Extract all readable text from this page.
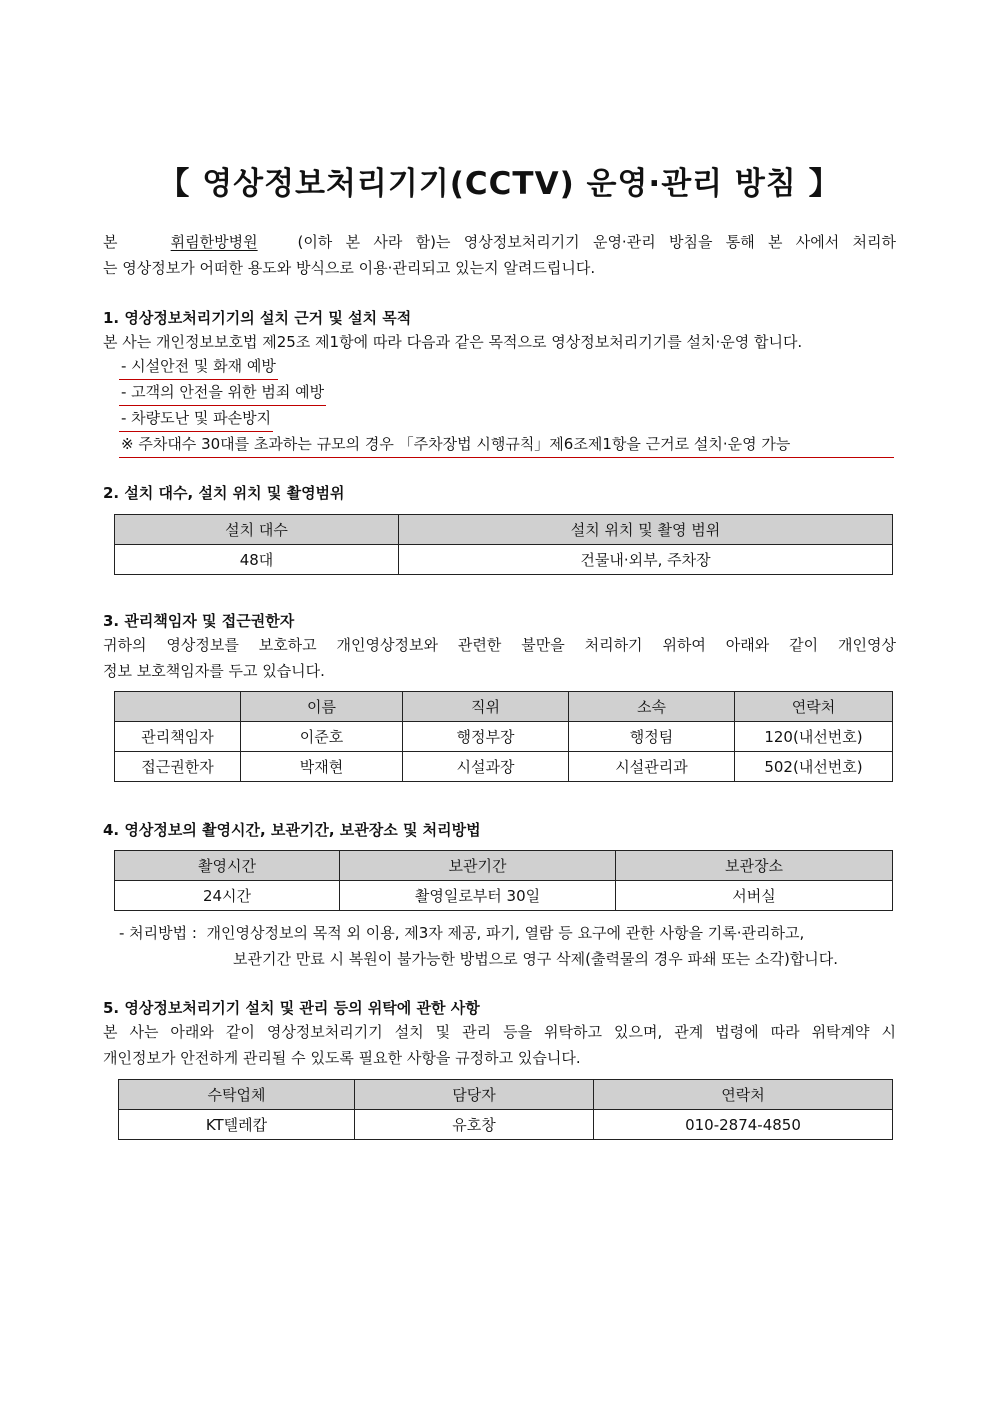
【 영상정보처리기기(CCTV) 운영·관리 방침 】
본	휘림한방병원	(이하 본 사라 함)는 영상정보처리기기 운영·관리 방침을 통해 본 사에서 처리하
는 영상정보가 어떠한 용도와 방식으로 이용·관리되고 있는지 알려드립니다.
1. 영상정보처리기기의 설치 근거 및 설치 목적
본 사는 개인정보보호법 제25조 제1항에 따라 다음과 같은 목적으로 영상정보처리기기를 설치·운영 합니다.
- 시설안전 및 화재 예방
- 고객의 안전을 위한 범죄 예방
- 차량도난 및 파손방지
※ 주차대수 30대를 초과하는 규모의 경우 「주차장법 시행규칙」제6조제1항을 근거로 설치·운영 가능
2. 설치 대수, 설치 위치 및 촬영범위
설치 대수	설치 위치 및 촬영 범위
48대	건물내·외부, 주차장
3. 관리책임자 및 접근권한자
귀하의 영상정보를 보호하고 개인영상정보와 관련한 불만을 처리하기 위하여 아래와 같이 개인영상
정보 보호책임자를 두고 있습니다.
	이름	직위	소속	연락처
관리책임자	이준호	행정부장	행정팀	120(내선번호)
접근권한자	박재현	시설과장	시설관리과	502(내선번호)
4. 영상정보의 촬영시간, 보관기간, 보관장소 및 처리방법
촬영시간	보관기간	보관장소
24시간	촬영일로부터 30일	서버실
- 처리방법 : 개인영상정보의 목적 외 이용, 제3자 제공, 파기, 열람 등 요구에 관한 사항을 기록·관리하고,
보관기간 만료 시 복원이 불가능한 방법으로 영구 삭제(출력물의 경우 파쇄 또는 소각)합니다.
5. 영상정보처리기기 설치 및 관리 등의 위탁에 관한 사항
본 사는 아래와 같이 영상정보처리기기 설치 및 관리 등을 위탁하고 있으며, 관계 법령에 따라 위탁계약 시
개인정보가 안전하게 관리될 수 있도록 필요한 사항을 규정하고 있습니다.
수탁업체	담당자	연락처
KT텔레캅	유호창	010-2874-4850
